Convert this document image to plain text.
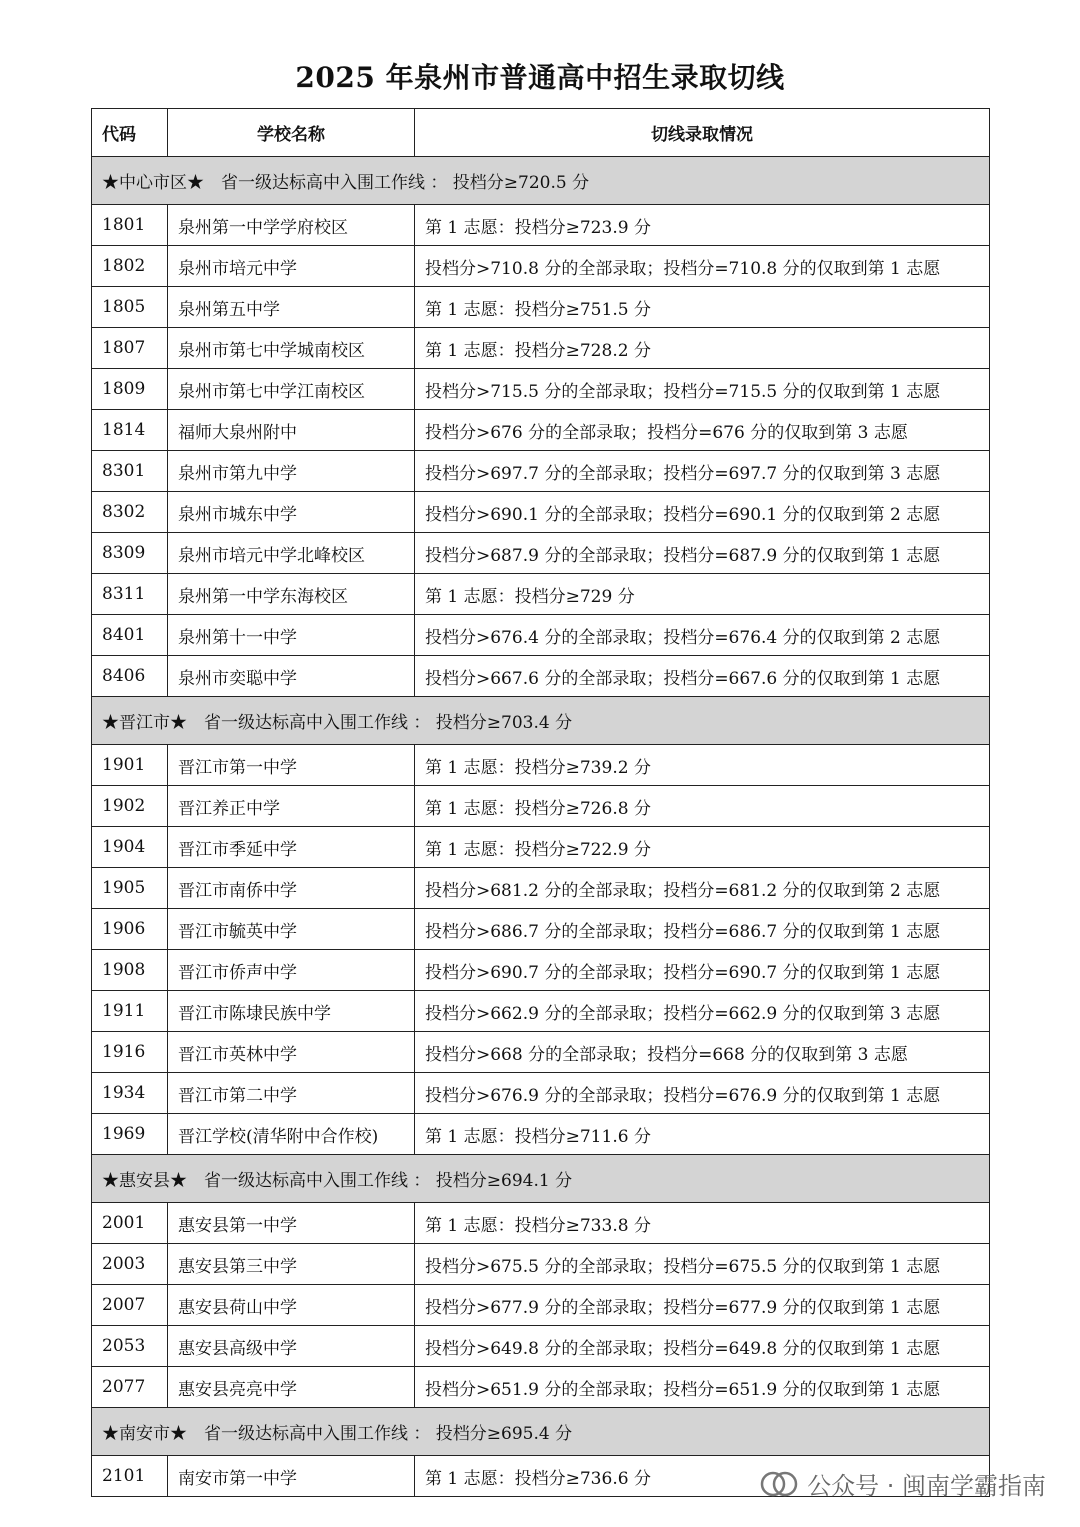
2025 年泉州市普通高中招生录取切线
代码	学校名称	切线录取情况
★中心市区★　省一级达标高中入围工作线 ： 投档分≥720.5 分		
1801	泉州第一中学学府校区	第 1 志愿：投档分≥723.9 分
1802	泉州市培元中学	投档分>710.8 分的全部录取；投档分=710.8 分的仅取到第 1 志愿
1805	泉州第五中学	第 1 志愿：投档分≥751.5 分
1807	泉州市第七中学城南校区	第 1 志愿：投档分≥728.2 分
1809	泉州市第七中学江南校区	投档分>715.5 分的全部录取；投档分=715.5 分的仅取到第 1 志愿
1814	福师大泉州附中	投档分>676 分的全部录取；投档分=676 分的仅取到第 3 志愿
8301	泉州市第九中学	投档分>697.7 分的全部录取；投档分=697.7 分的仅取到第 3 志愿
8302	泉州市城东中学	投档分>690.1 分的全部录取；投档分=690.1 分的仅取到第 2 志愿
8309	泉州市培元中学北峰校区	投档分>687.9 分的全部录取；投档分=687.9 分的仅取到第 1 志愿
8311	泉州第一中学东海校区	第 1 志愿：投档分≥729 分
8401	泉州第十一中学	投档分>676.4 分的全部录取；投档分=676.4 分的仅取到第 2 志愿
8406	泉州市奕聪中学	投档分>667.6 分的全部录取；投档分=667.6 分的仅取到第 1 志愿
★晋江市★　省一级达标高中入围工作线 ： 投档分≥703.4 分		
1901	晋江市第一中学	第 1 志愿：投档分≥739.2 分
1902	晋江养正中学	第 1 志愿：投档分≥726.8 分
1904	晋江市季延中学	第 1 志愿：投档分≥722.9 分
1905	晋江市南侨中学	投档分>681.2 分的全部录取；投档分=681.2 分的仅取到第 2 志愿
1906	晋江市毓英中学	投档分>686.7 分的全部录取；投档分=686.7 分的仅取到第 1 志愿
1908	晋江市侨声中学	投档分>690.7 分的全部录取；投档分=690.7 分的仅取到第 1 志愿
1911	晋江市陈埭民族中学	投档分>662.9 分的全部录取；投档分=662.9 分的仅取到第 3 志愿
1916	晋江市英林中学	投档分>668 分的全部录取；投档分=668 分的仅取到第 3 志愿
1934	晋江市第二中学	投档分>676.9 分的全部录取；投档分=676.9 分的仅取到第 1 志愿
1969	晋江学校(清华附中合作校)	第 1 志愿：投档分≥711.6 分
★惠安县★　省一级达标高中入围工作线 ： 投档分≥694.1 分		
2001	惠安县第一中学	第 1 志愿：投档分≥733.8 分
2003	惠安县第三中学	投档分>675.5 分的全部录取；投档分=675.5 分的仅取到第 1 志愿
2007	惠安县荷山中学	投档分>677.9 分的全部录取；投档分=677.9 分的仅取到第 1 志愿
2053	惠安县高级中学	投档分>649.8 分的全部录取；投档分=649.8 分的仅取到第 1 志愿
2077	惠安县亮亮中学	投档分>651.9 分的全部录取；投档分=651.9 分的仅取到第 1 志愿
★南安市★　省一级达标高中入围工作线 ： 投档分≥695.4 分		
2101	南安市第一中学	第 1 志愿：投档分≥736.6 分	公众号 · 闽南学霸指南
